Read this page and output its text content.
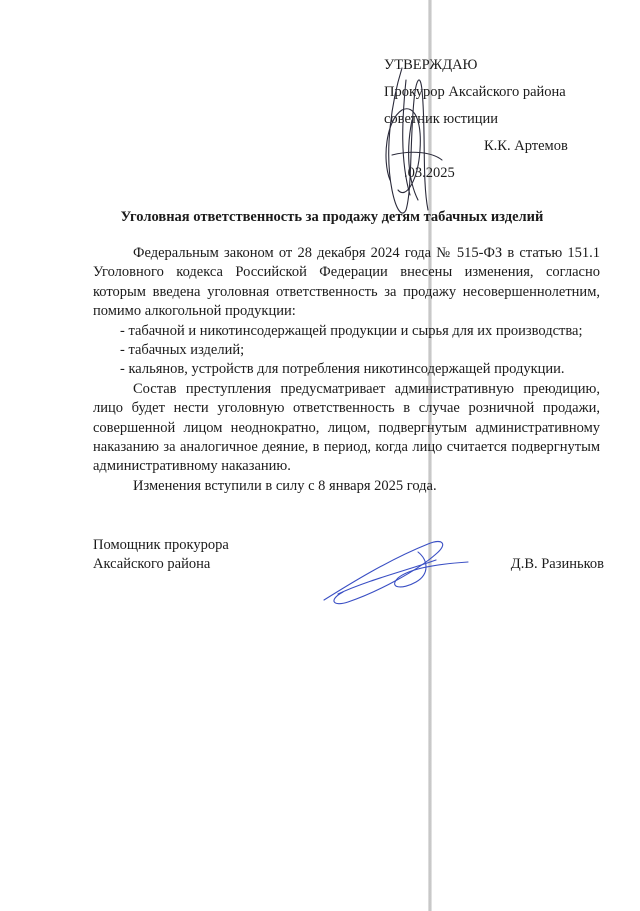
УТВЕРЖДАЮ
Прокурор Аксайского района
советник юстиции
К.К. Артемов
.03.2025
Уголовная ответственность за продажу детям табачных изделий

Федеральным законом от 28 декабря 2024 года № 515-ФЗ в статью 151.1 Уголовного кодекса Российской Федерации внесены изменения, согласно которым введена уголовная ответственность за продажу несовершеннолетним, помимо алкогольной продукции:

- табачной и никотинсодержащей продукции и сырья для их производства;

- табачных изделий;

- кальянов, устройств для потребления никотинсодержащей продукции.

Состав преступления предусматривает административную преюдицию, лицо будет нести уголовную ответственность в случае розничной продажи, совершенной лицом неоднократно, лицом, подвергнутым административному наказанию за аналогичное деяние, в период, когда лицо считается подвергнутым административному наказанию.

Изменения вступили в силу с 8 января 2025 года.

Помощник прокурора
Аксайского района	Д.В. Разиньков
